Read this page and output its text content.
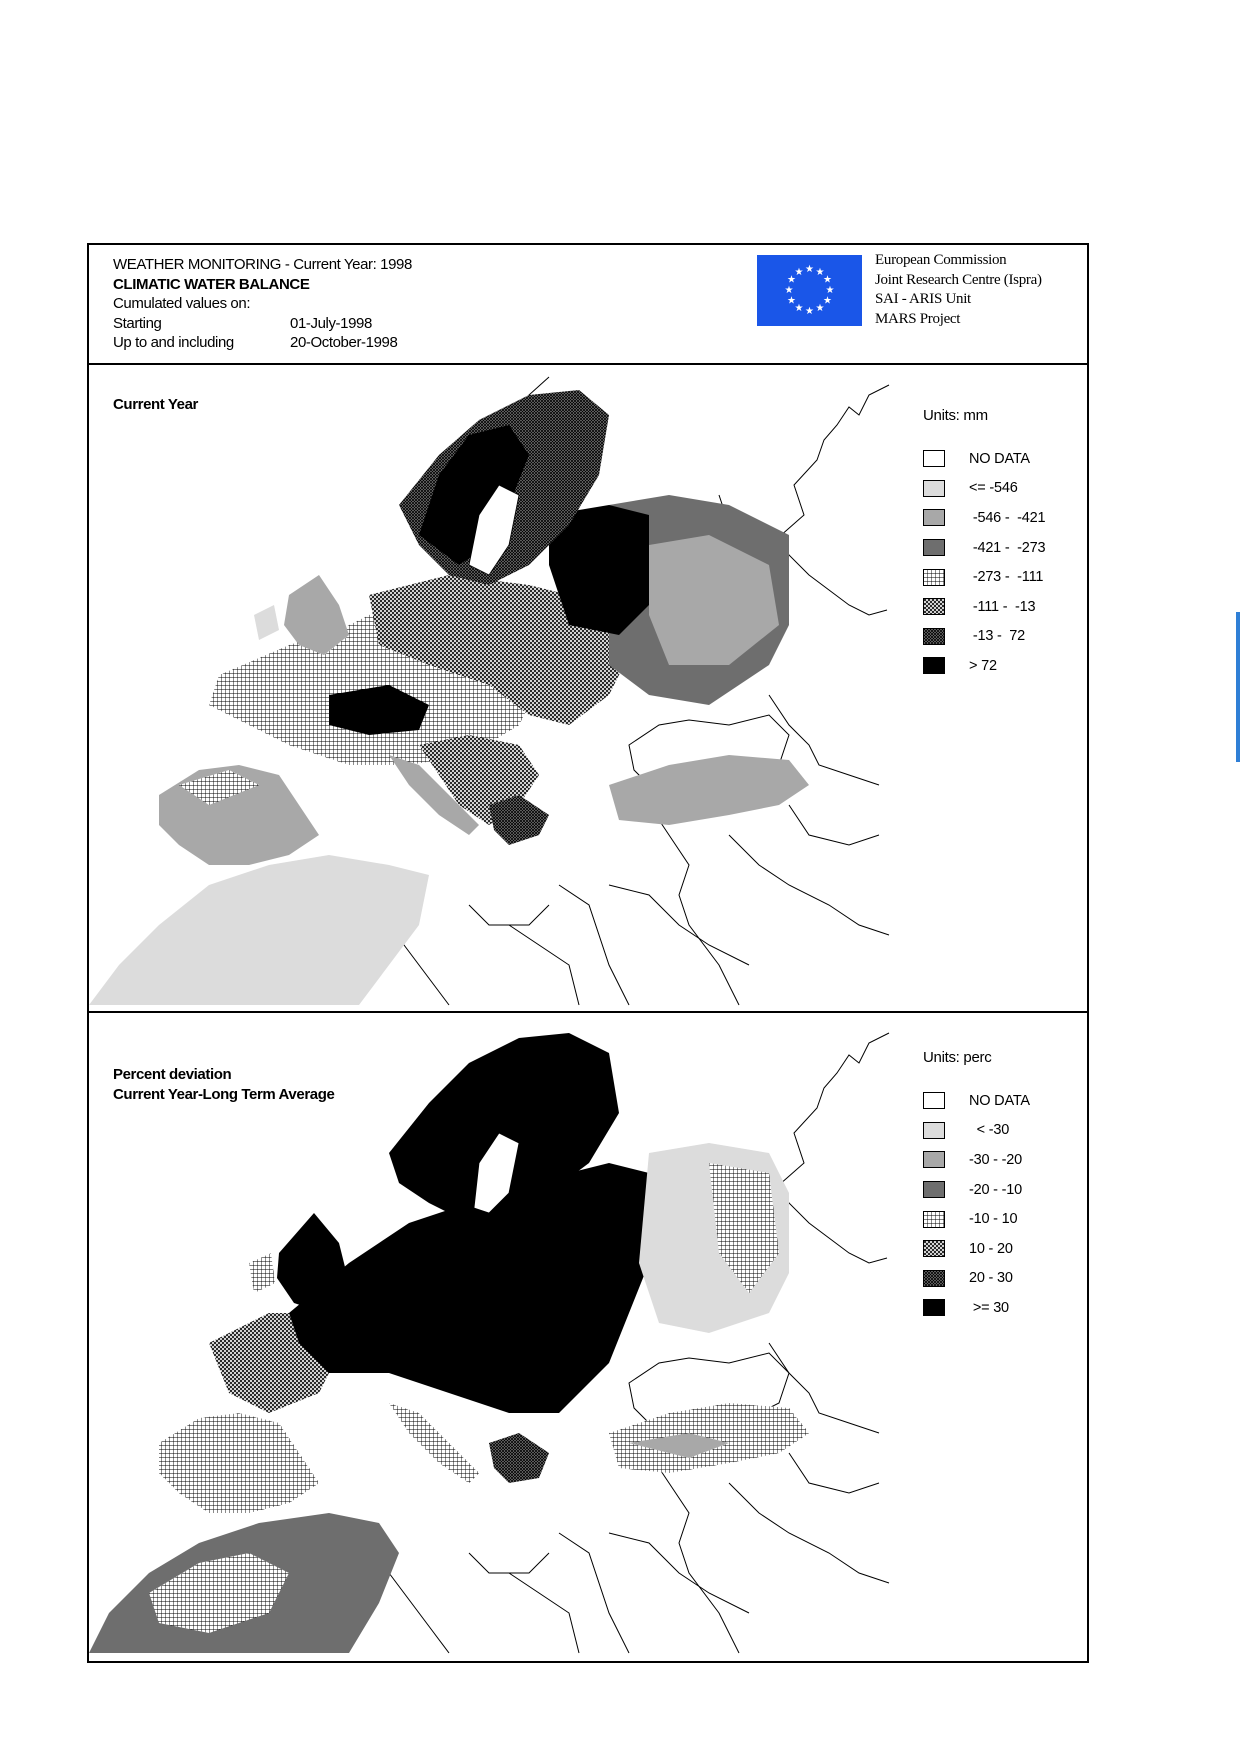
WEATHER MONITORING - Current Year: 1998
CLIMATIC WATER BALANCE
Cumulated values on:
Starting	01-July-1998
Up to and including	20-October-1998
★ ★
★
★
★
★
★
★
★
★
★
★
European Commission
Joint Research Centre (Ispra)
SAI - ARIS Unit
MARS Project
Current Year
Units: mm
NO DATA
<= -546
-546 -  -421
-421 -  -273
-273 -  -111
-111 -  -13
-13 -  72
> 72
Percent deviation
Current Year-Long Term Average
Units: perc
NO DATA
< -30
-30 - -20
-20 - -10
-10 - 10
10 - 20
20 - 30
>= 30
